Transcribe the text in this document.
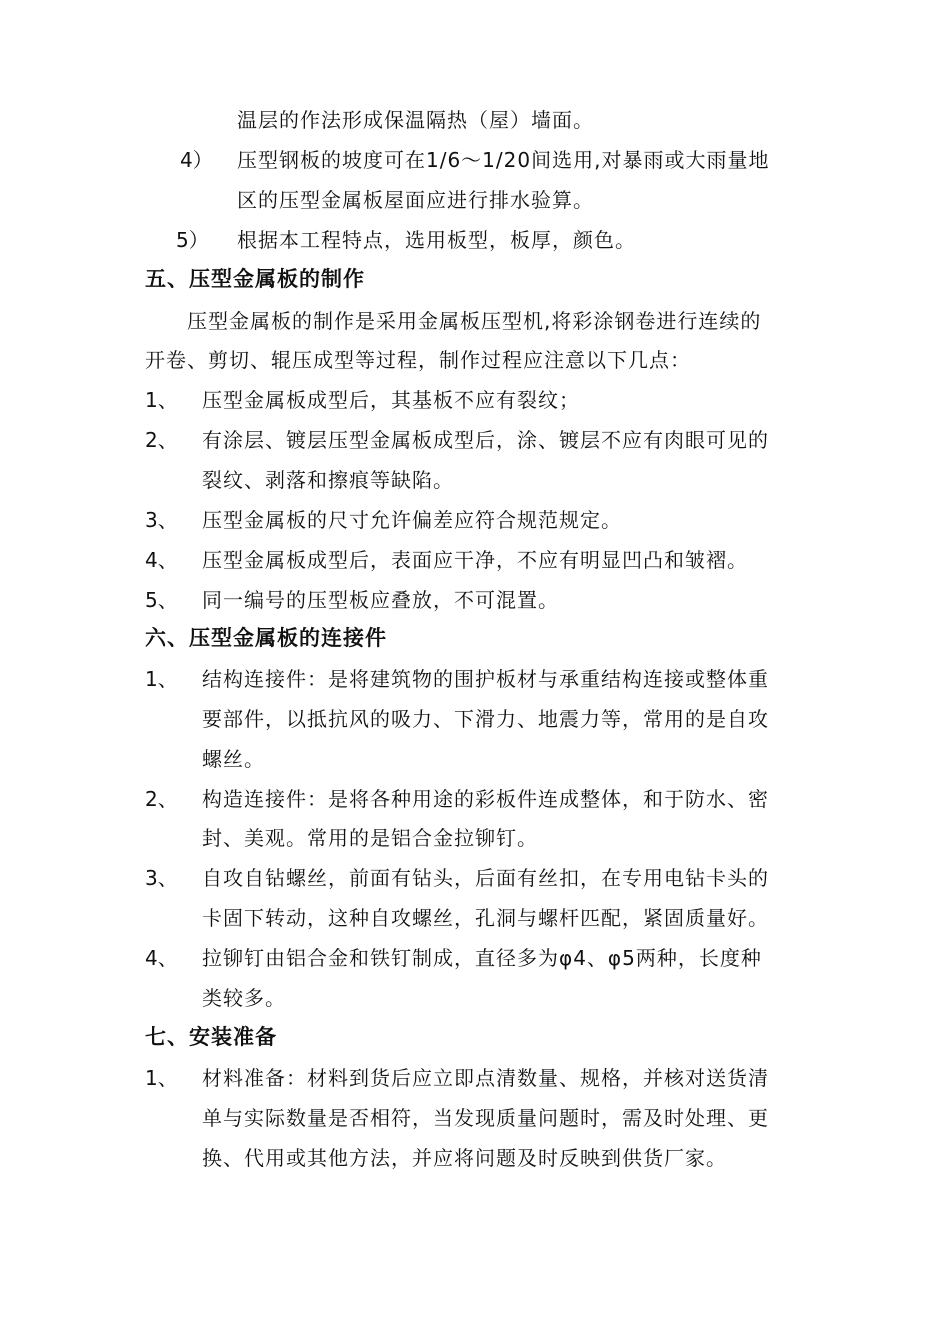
温层的作法形成保温隔热（屋）墙面。
4） 压型钢板的坡度可在1/6～1/20间选用,对暴雨或大雨量地
区的压型金属板屋面应进行排水验算。
5） 根据本工程特点，选用板型，板厚，颜色。
五、压型金属板的制作
压型金属板的制作是采用金属板压型机,将彩涂钢卷进行连续的
开卷、剪切、辊压成型等过程，制作过程应注意以下几点：
1、 压型金属板成型后，其基板不应有裂纹；
2、 有涂层、镀层压型金属板成型后，涂、镀层不应有肉眼可见的
裂纹、剥落和擦痕等缺陷。
3、 压型金属板的尺寸允许偏差应符合规范规定。
4、 压型金属板成型后，表面应干净，不应有明显凹凸和皱褶。
5、 同一编号的压型板应叠放，不可混置。
六、压型金属板的连接件
1、 结构连接件：是将建筑物的围护板材与承重结构连接或整体重
要部件，以抵抗风的吸力、下滑力、地震力等，常用的是自攻
螺丝。
2、 构造连接件：是将各种用途的彩板件连成整体，和于防水、密
封、美观。常用的是铝合金拉铆钉。
3、 自攻自钻螺丝，前面有钻头，后面有丝扣，在专用电钻卡头的
卡固下转动，这种自攻螺丝，孔洞与螺杆匹配，紧固质量好。
4、 拉铆钉由铝合金和铁钉制成，直径多为φ4、φ5两种，长度种
类较多。
七、安装准备
1、 材料准备：材料到货后应立即点清数量、规格，并核对送货清
单与实际数量是否相符，当发现质量问题时，需及时处理、更
换、代用或其他方法，并应将问题及时反映到供货厂家。
